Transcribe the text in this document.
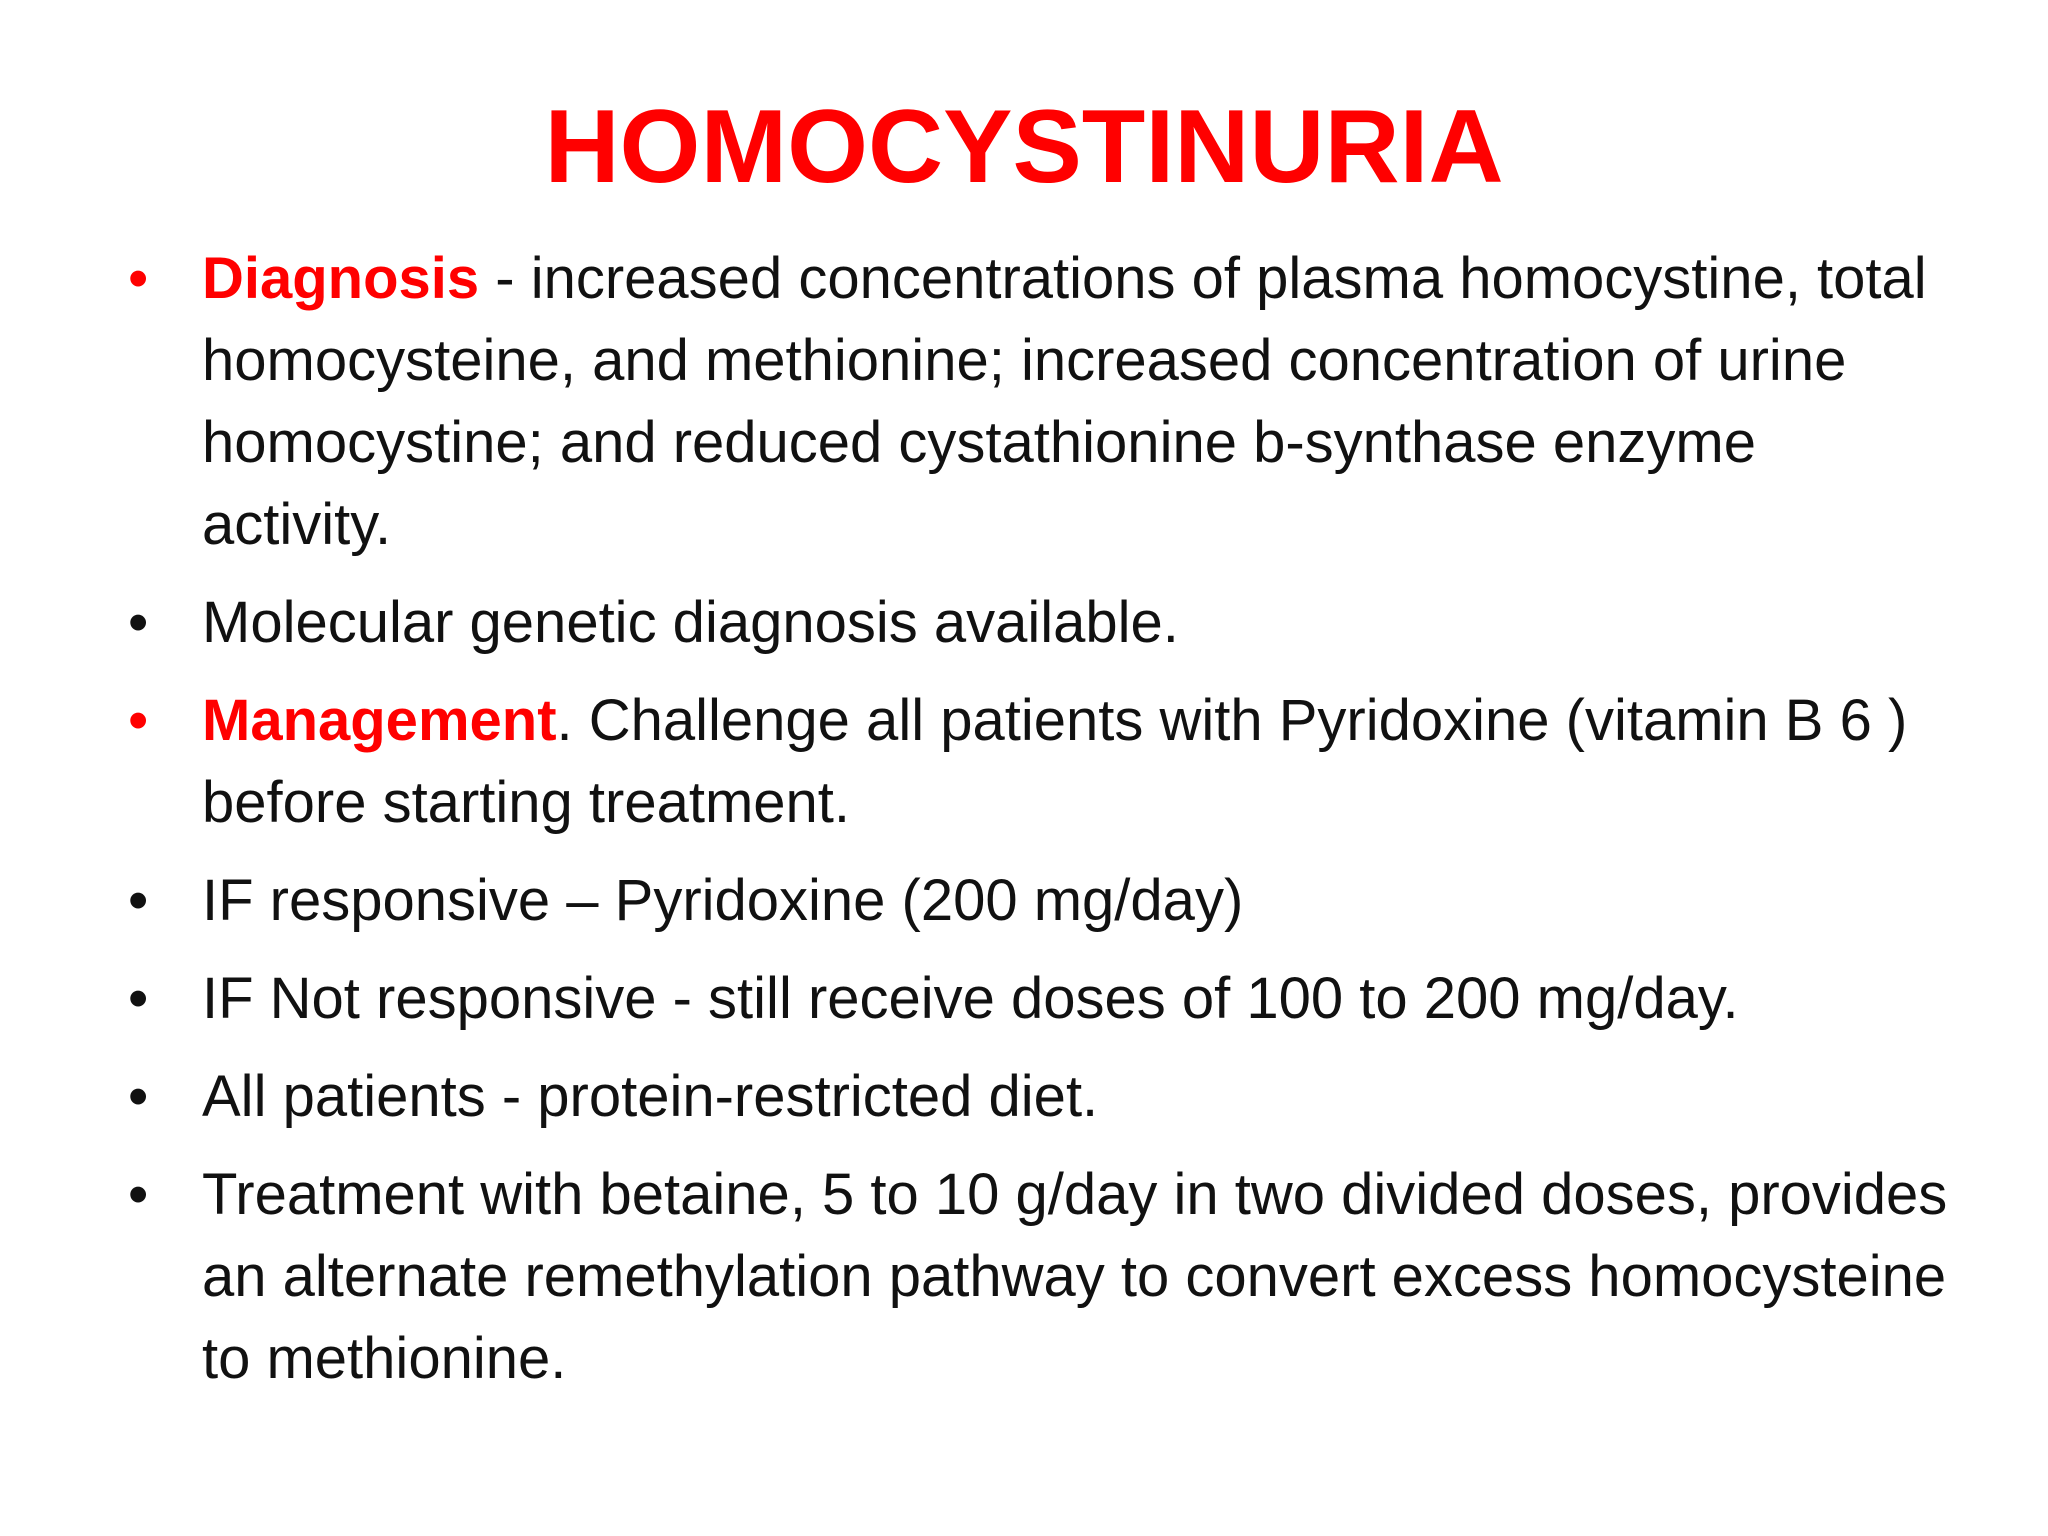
HOMOCYSTINURIA
• Diagnosis - increased concentrations of plasma homocystine, total homocysteine, and methionine; increased concentration of urine homocystine; and reduced cystathionine b-synthase enzyme activity.
• Molecular genetic diagnosis available.
• Management. Challenge all patients with Pyridoxine (vitamin B 6 ) before starting treatment.
• IF responsive – Pyridoxine (200 mg/day)
• IF Not responsive - still receive doses of 100 to 200 mg/day.
• All patients - protein-restricted diet.
• Treatment with betaine, 5 to 10 g/day in two divided doses, provides an alternate remethylation pathway to convert excess homocysteine to methionine.
